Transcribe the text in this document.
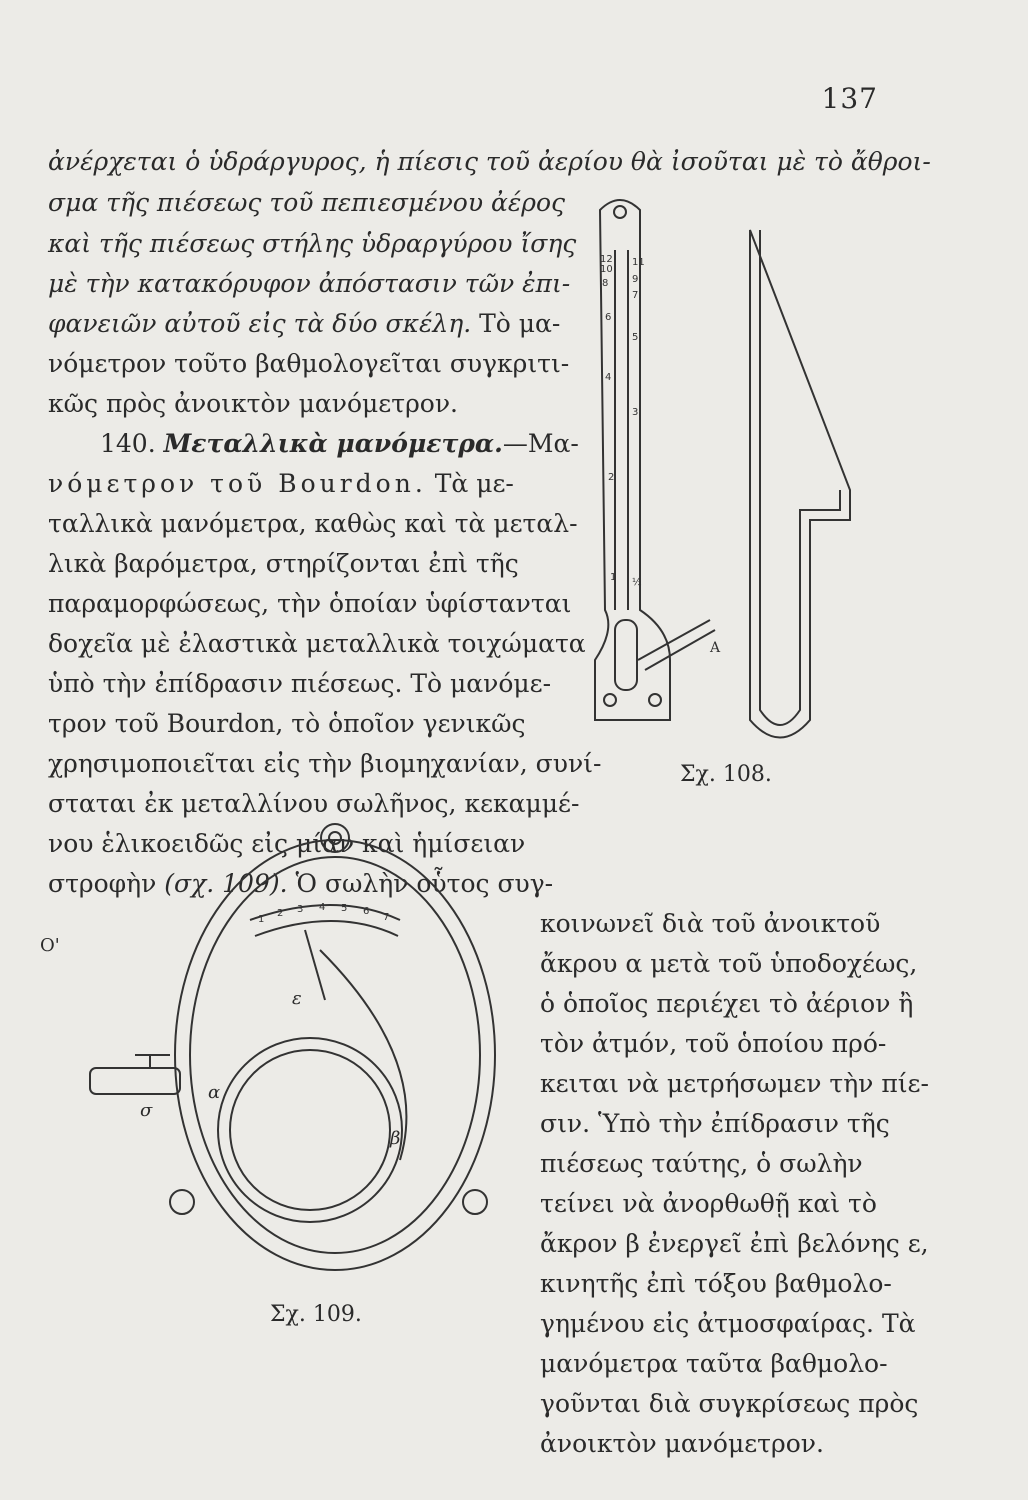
137
ἀνέρχεται ὁ ὑδράργυρος, ἡ πίεσις τοῦ ἀερίου θὰ ἰσοῦται μὲ τὸ ἄθροι-
σμα τῆς πιέσεως τοῦ πεπιεσμένου ἀέρος
καὶ τῆς πιέσεως στήλης ὑδραργύρου ἴσης
μὲ τὴν κατακόρυφον ἀπόστασιν τῶν ἐπι-
φανειῶν αὐτοῦ εἰς τὰ δύο σκέλη. Τὸ μα-
νόμετρον τοῦτο βαθμολογεῖται συγκριτι-
κῶς πρὸς ἀνοικτὸν μανόμετρον.
140. Μεταλλικὰ μανόμετρα.—Μα-
νόμετρον τοῦ Bourdon. Τὰ με-
ταλλικὰ μανόμετρα, καθὼς καὶ τὰ μεταλ-
λικὰ βαρόμετρα, στηρίζονται ἐπὶ τῆς
παραμορφώσεως, τὴν ὁποίαν ὑφίστανται
δοχεῖα μὲ ἐλαστικὰ μεταλλικὰ τοιχώματα
ὑπὸ τὴν ἐπίδρασιν πιέσεως. Τὸ μανόμε-
τρον τοῦ Bourdon, τὸ ὁποῖον γενικῶς
χρησιμοποιεῖται εἰς τὴν βιομηχανίαν, συνί-
σταται ἐκ μεταλλίνου σωλῆνος, κεκαμμέ-
νου ἑλικοειδῶς εἰς μίαν καὶ ἡμίσειαν
στροφὴν (σχ. 109). Ὁ σωλὴν οὗτος συγ-
κοινωνεῖ διὰ τοῦ ἀνοικτοῦ
ἄκρου α μετὰ τοῦ ὑποδοχέως,
ὁ ὁποῖος περιέχει τὸ ἀέριον ἢ
τὸν ἀτμόν, τοῦ ὁποίου πρό-
κειται νὰ μετρήσωμεν τὴν πίε-
σιν. Ὑπὸ τὴν ἐπίδρασιν τῆς
πιέσεως ταύτης, ὁ σωλὴν
τείνει νὰ ἀνορθωθῇ καὶ τὸ
ἄκρον β ἐνεργεῖ ἐπὶ βελόνης ε,
κινητῆς ἐπὶ τόξου βαθμολο-
γημένου εἰς ἀτμοσφαίρας. Τὰ
μανόμετρα ταῦτα βαθμολο-
γοῦνται διὰ συγκρίσεως πρὸς
ἀνοικτὸν μανόμετρον.
12
10
8
6
4
2
1
11
9
7
5
3
½
A
Σχ. 108.
1
2 3 4 5 6
7
Ο'
σ
α
ε
β
Σχ. 109.
